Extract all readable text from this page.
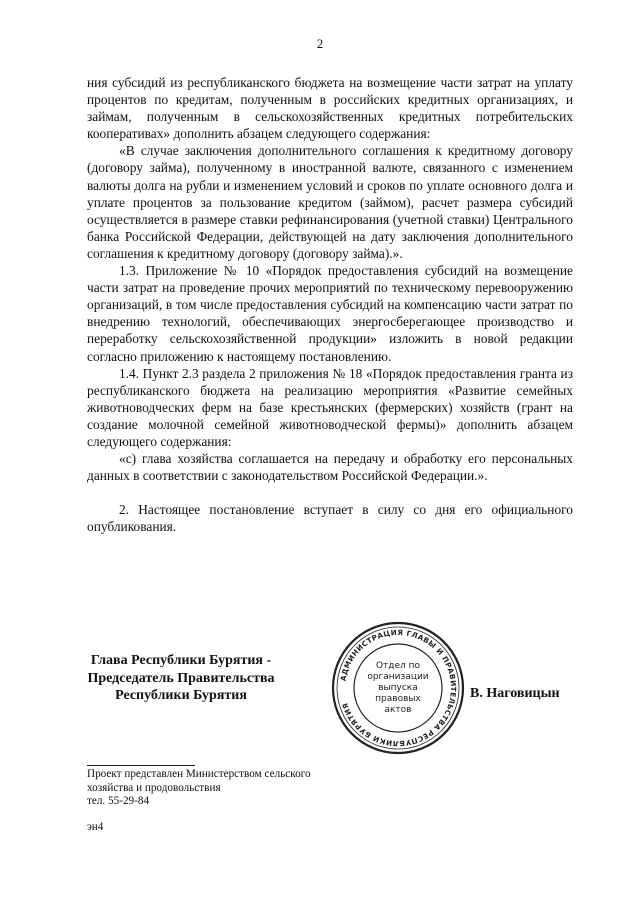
2

ния субсидий из республиканского бюджета на возмещение части затрат на уплату процентов по кредитам, полученным в российских кредитных организациях, и займам, полученным в сельскохозяйственных кредитных потребительских кооперативах» дополнить абзацем следующего содержания:

«В случае заключения дополнительного соглашения к кредитному договору (договору займа), полученному в иностранной валюте, связанного с изменением валюты долга на рубли и изменением условий и сроков по уплате основного долга и уплате процентов за пользование кредитом (займом), расчет размера субсидий осуществляется в размере ставки рефинансирования (учетной ставки) Центрального банка Российской Федерации, действующей на дату заключения дополнительного соглашения к кредитному договору (договору займа).».

1.3. Приложение № 10 «Порядок предоставления субсидий на возмещение части затрат на проведение прочих мероприятий по техническому перевооружению организаций, в том числе предоставления субсидий на компенсацию части затрат по внедрению технологий, обеспечивающих энергосберегающее производство и переработку сельскохозяйственной продукции» изложить в новой редакции согласно приложению к настоящему постановлению.

1.4. Пункт 2.3 раздела 2 приложения № 18 «Порядок предоставления гранта из республиканского бюджета на реализацию мероприятия «Развитие семейных животноводческих ферм на базе крестьянских (фермерских) хозяйств (грант на создание молочной семейной животноводческой фермы)» дополнить абзацем следующего содержания:

«с) глава хозяйства соглашается на передачу и обработку его персональных данных в соответствии с законодательством Российской Федерации.».

2. Настоящее постановление вступает в силу со дня его официального опубликования.

Глава Республики Бурятия -
Председатель Правительства
Республики Бурятия
АДМИНИСТРАЦИЯ ГЛАВЫ И ПРАВИТЕЛЬСТВА РЕСПУБЛИКИ БУРЯТИЯ
Отдел по
организации
выпуска
правовых
актов
В. Наговицын
Проект представлен Министерством сельского
хозяйства и продовольствия
тел. 55-29-84
эн4
